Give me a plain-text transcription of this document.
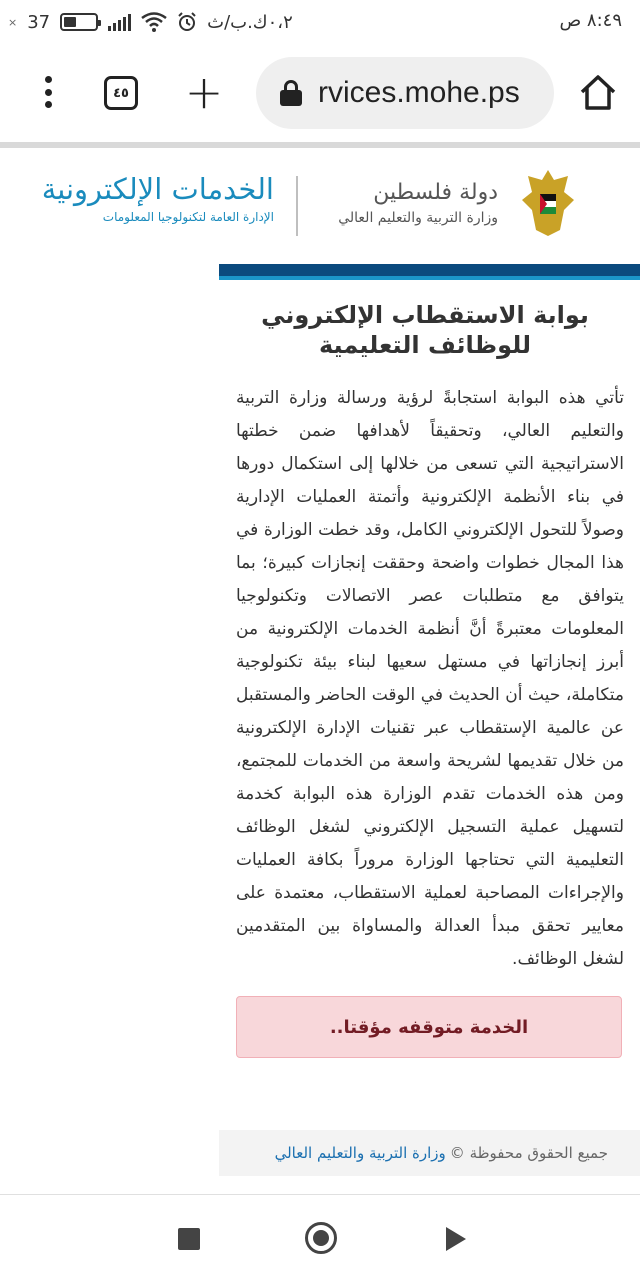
× 37	٠،٢ك.ب/ث	٨:٤٩ ص
٤٥ +	rvices.mohe.ps
دولة فلسطين
وزارة التربية والتعليم العالي
الخدمات الإلكترونية
الإدارة العامة لتكنولوجيا المعلومات
بوابة الاستقطاب الإلكتروني للوظائف التعليمية

تأتي هذه البوابة استجابةً لرؤية ورسالة وزارة التربية والتعليم العالي، وتحقيقاً لأهدافها ضمن خطتها الاستراتيجية التي تسعى من خلالها إلى استكمال دورها في بناء الأنظمة الإلكترونية وأتمتة العمليات الإدارية وصولاً للتحول الإلكتروني الكامل، وقد خطت الوزارة في هذا المجال خطوات واضحة وحققت إنجازات كبيرة؛ بما يتوافق مع متطلبات عصر الاتصالات وتكنولوجيا المعلومات معتبرةً أنَّ أنظمة الخدمات الإلكترونية من أبرز إنجازاتها في مستهل سعيها لبناء بيئة تكنولوجية متكاملة، حيث أن الحديث في الوقت الحاضر والمستقبل عن عالمية الإستقطاب عبر تقنيات الإدارة الإلكترونية من خلال تقديمها لشريحة واسعة من الخدمات للمجتمع، ومن هذه الخدمات تقدم الوزارة هذه البوابة كخدمة لتسهيل عملية التسجيل الإلكتروني لشغل الوظائف التعليمية التي تحتاجها الوزارة مروراً بكافة العمليات والإجراءات المصاحبة لعملية الاستقطاب، معتمدة على معايير تحقق مبدأ العدالة والمساواة بين المتقدمين لشغل الوظائف.

الخدمة متوقفه مؤقتا..
جميع الحقوق محفوظة ©
وزارة التربية والتعليم العالي
